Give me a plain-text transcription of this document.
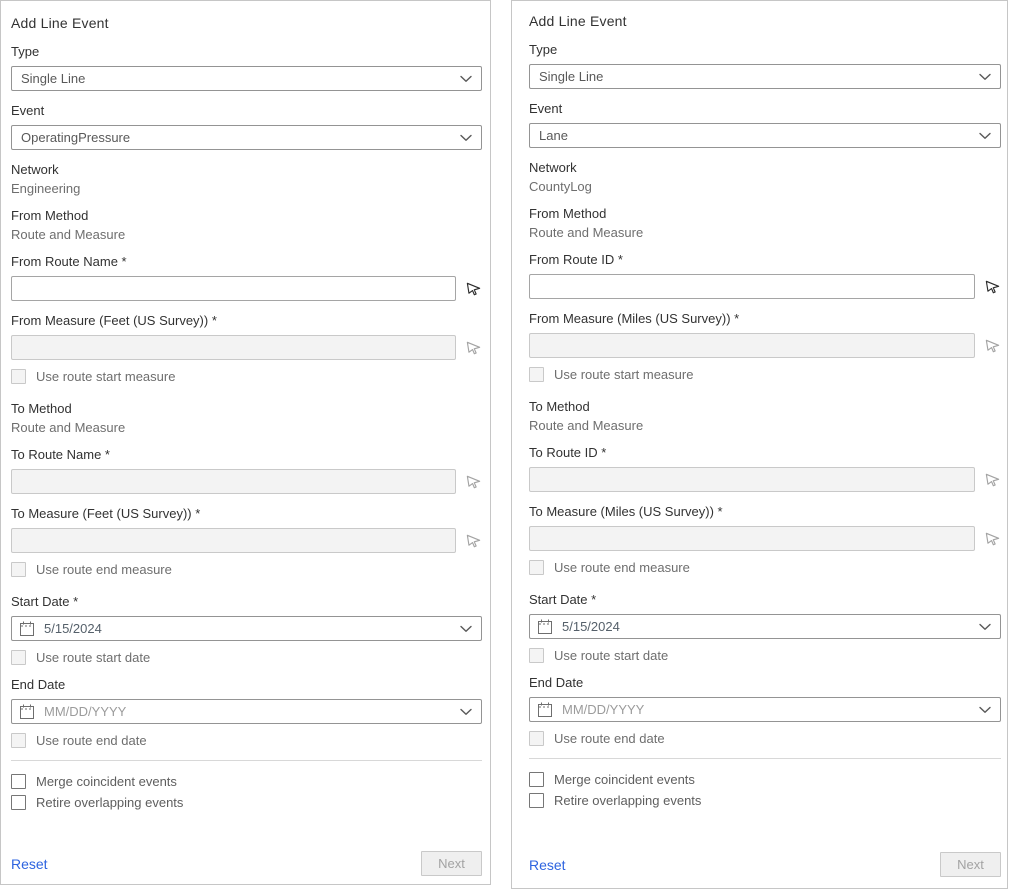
Add Line Event
Type
Single Line
Event
OperatingPressure
Network
Engineering
From Method
Route and Measure
From Route Name *
From Measure (Feet (US Survey)) *
Use route start measure
To Method
Route and Measure
To Route Name *
To Measure (Feet (US Survey)) *
Use route end measure
Start Date *
5/15/2024
Use route start date
End Date
MM/DD/YYYY
Use route end date
Merge coincident events
Retire overlapping events
Reset	Next
Add Line Event
Type
Single Line
Event
Lane
Network
CountyLog
From Method
Route and Measure
From Route ID *
From Measure (Miles (US Survey)) *
Use route start measure
To Method
Route and Measure
To Route ID *
To Measure (Miles (US Survey)) *
Use route end measure
Start Date *
5/15/2024
Use route start date
End Date
MM/DD/YYYY
Use route end date
Merge coincident events
Retire overlapping events
Reset	Next
